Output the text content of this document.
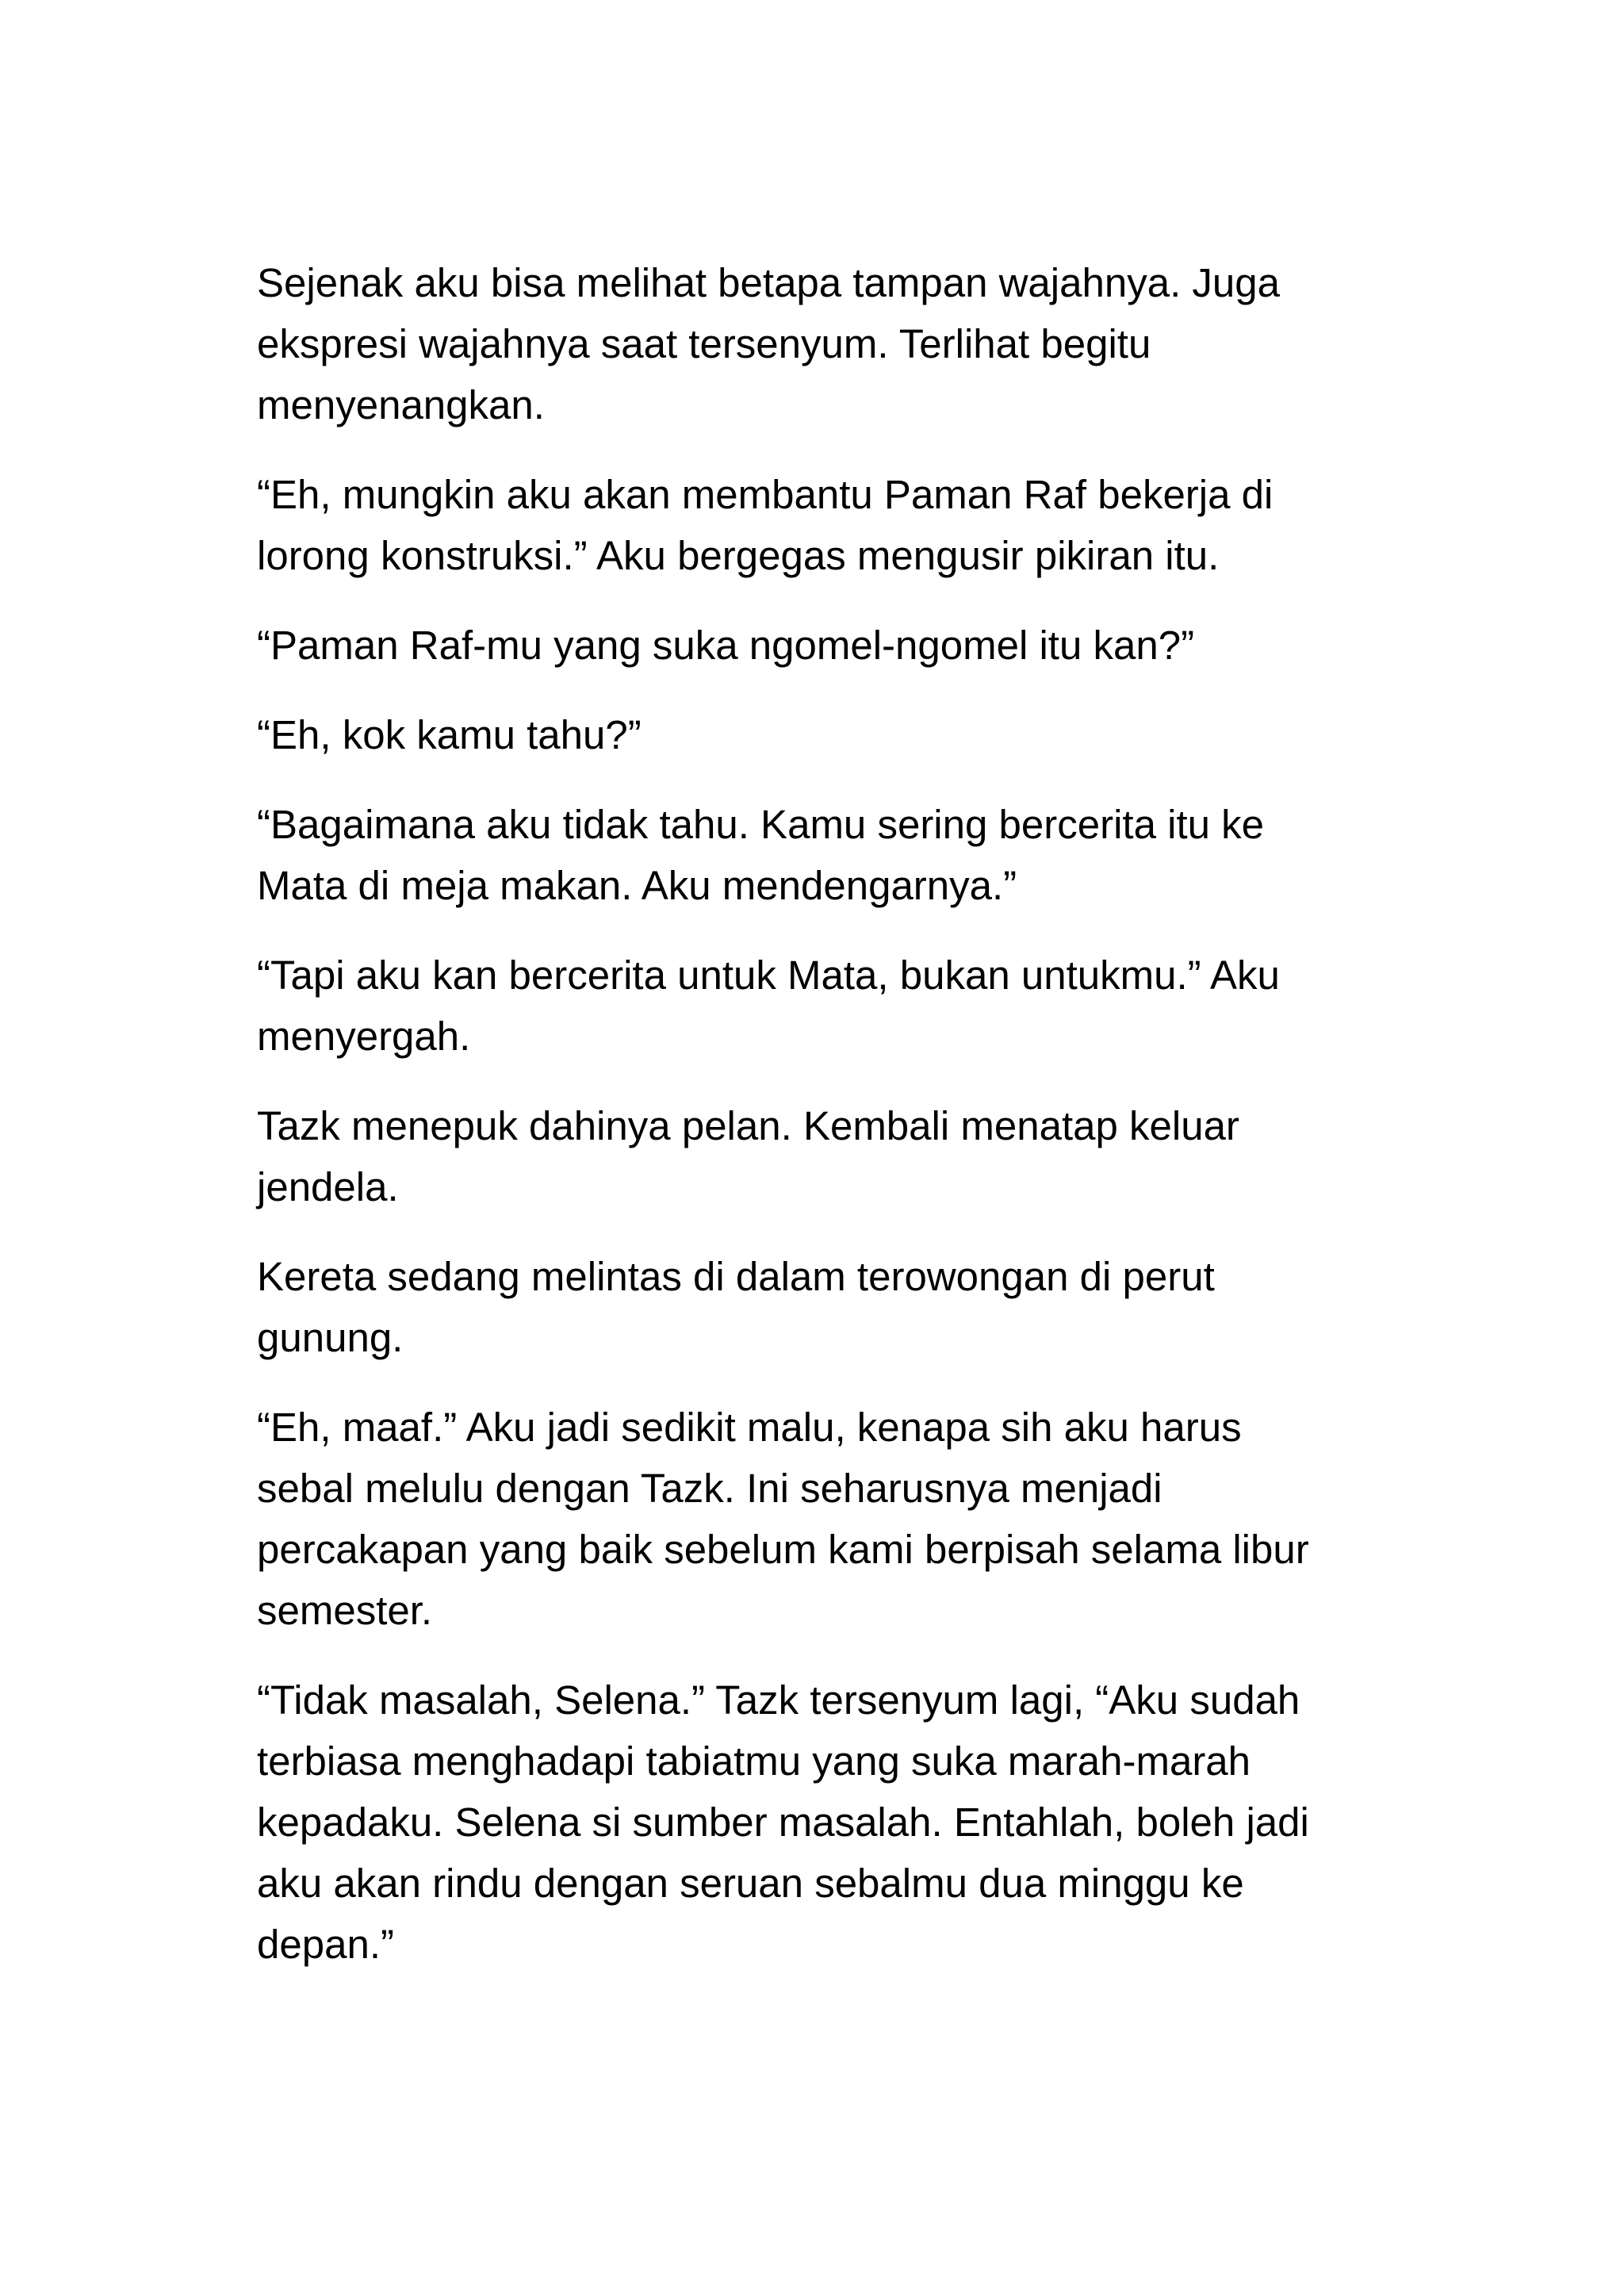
Sejenak aku bisa melihat betapa tampan wajahnya. Juga
ekspresi wajahnya saat tersenyum. Terlihat begitu
menyenangkan.

“Eh, mungkin aku akan membantu Paman Raf bekerja di
lorong konstruksi.” Aku bergegas mengusir pikiran itu.

“Paman Raf-mu yang suka ngomel-ngomel itu kan?”

“Eh, kok kamu tahu?”

“Bagaimana aku tidak tahu. Kamu sering bercerita itu ke
Mata di meja makan. Aku mendengarnya.”

“Tapi aku kan bercerita untuk Mata, bukan untukmu.” Aku
menyergah.

Tazk menepuk dahinya pelan. Kembali menatap keluar
jendela.

Kereta sedang melintas di dalam terowongan di perut
gunung.

“Eh, maaf.” Aku jadi sedikit malu, kenapa sih aku harus
sebal melulu dengan Tazk. Ini seharusnya menjadi
percakapan yang baik sebelum kami berpisah selama libur
semester.

“Tidak masalah, Selena.” Tazk tersenyum lagi, “Aku sudah
terbiasa menghadapi tabiatmu yang suka marah-marah
kepadaku. Selena si sumber masalah. Entahlah, boleh jadi
aku akan rindu dengan seruan sebalmu dua minggu ke
depan.”
